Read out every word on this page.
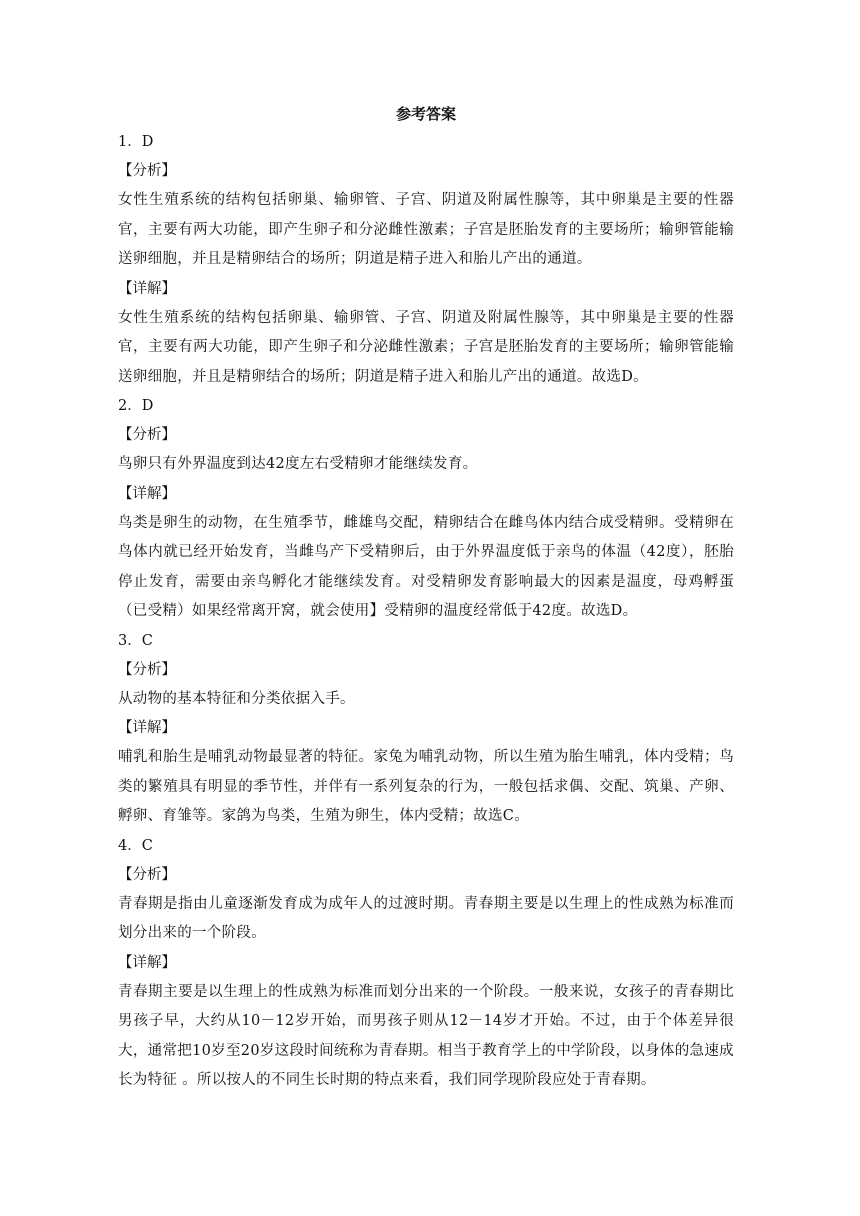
参考答案

1．D

【分析】

女性生殖系统的结构包括卵巢、输卵管、子宫、阴道及附属性腺等，其中卵巢是主要的性器官，主要有两大功能，即产生卵子和分泌雌性激素；子宫是胚胎发育的主要场所；输卵管能输送卵细胞，并且是精卵结合的场所；阴道是精子进入和胎儿产出的通道。

【详解】

女性生殖系统的结构包括卵巢、输卵管、子宫、阴道及附属性腺等，其中卵巢是主要的性器官，主要有两大功能，即产生卵子和分泌雌性激素；子宫是胚胎发育的主要场所；输卵管能输送卵细胞，并且是精卵结合的场所；阴道是精子进入和胎儿产出的通道。故选D。

2．D

【分析】

鸟卵只有外界温度到达42度左右受精卵才能继续发育。

【详解】

鸟类是卵生的动物，在生殖季节，雌雄鸟交配，精卵结合在雌鸟体内结合成受精卵。受精卵在鸟体内就已经开始发育，当雌鸟产下受精卵后，由于外界温度低于亲鸟的体温（42度），胚胎停止发育，需要由亲鸟孵化才能继续发育。对受精卵发育影响最大的因素是温度，母鸡孵蛋（已受精）如果经常离开窝，就会使用】受精卵的温度经常低于42度。故选D。

3．C

【分析】

从动物的基本特征和分类依据入手。

【详解】

哺乳和胎生是哺乳动物最显著的特征。家兔为哺乳动物，所以生殖为胎生哺乳，体内受精；鸟类的繁殖具有明显的季节性，并伴有一系列复杂的行为，一般包括求偶、交配、筑巢、产卵、孵卵、育雏等。家鸽为鸟类，生殖为卵生，体内受精；故选C。

4．C

【分析】

青春期是指由儿童逐渐发育成为成年人的过渡时期。青春期主要是以生理上的性成熟为标准而划分出来的一个阶段。

【详解】

青春期主要是以生理上的性成熟为标准而划分出来的一个阶段。一般来说，女孩子的青春期比男孩子早，大约从10－12岁开始，而男孩子则从12－14岁才开始。不过，由于个体差异很大，通常把10岁至20岁这段时间统称为青春期。相当于教育学上的中学阶段，以身体的急速成长为特征 。所以按人的不同生长时期的特点来看，我们同学现阶段应处于青春期。
